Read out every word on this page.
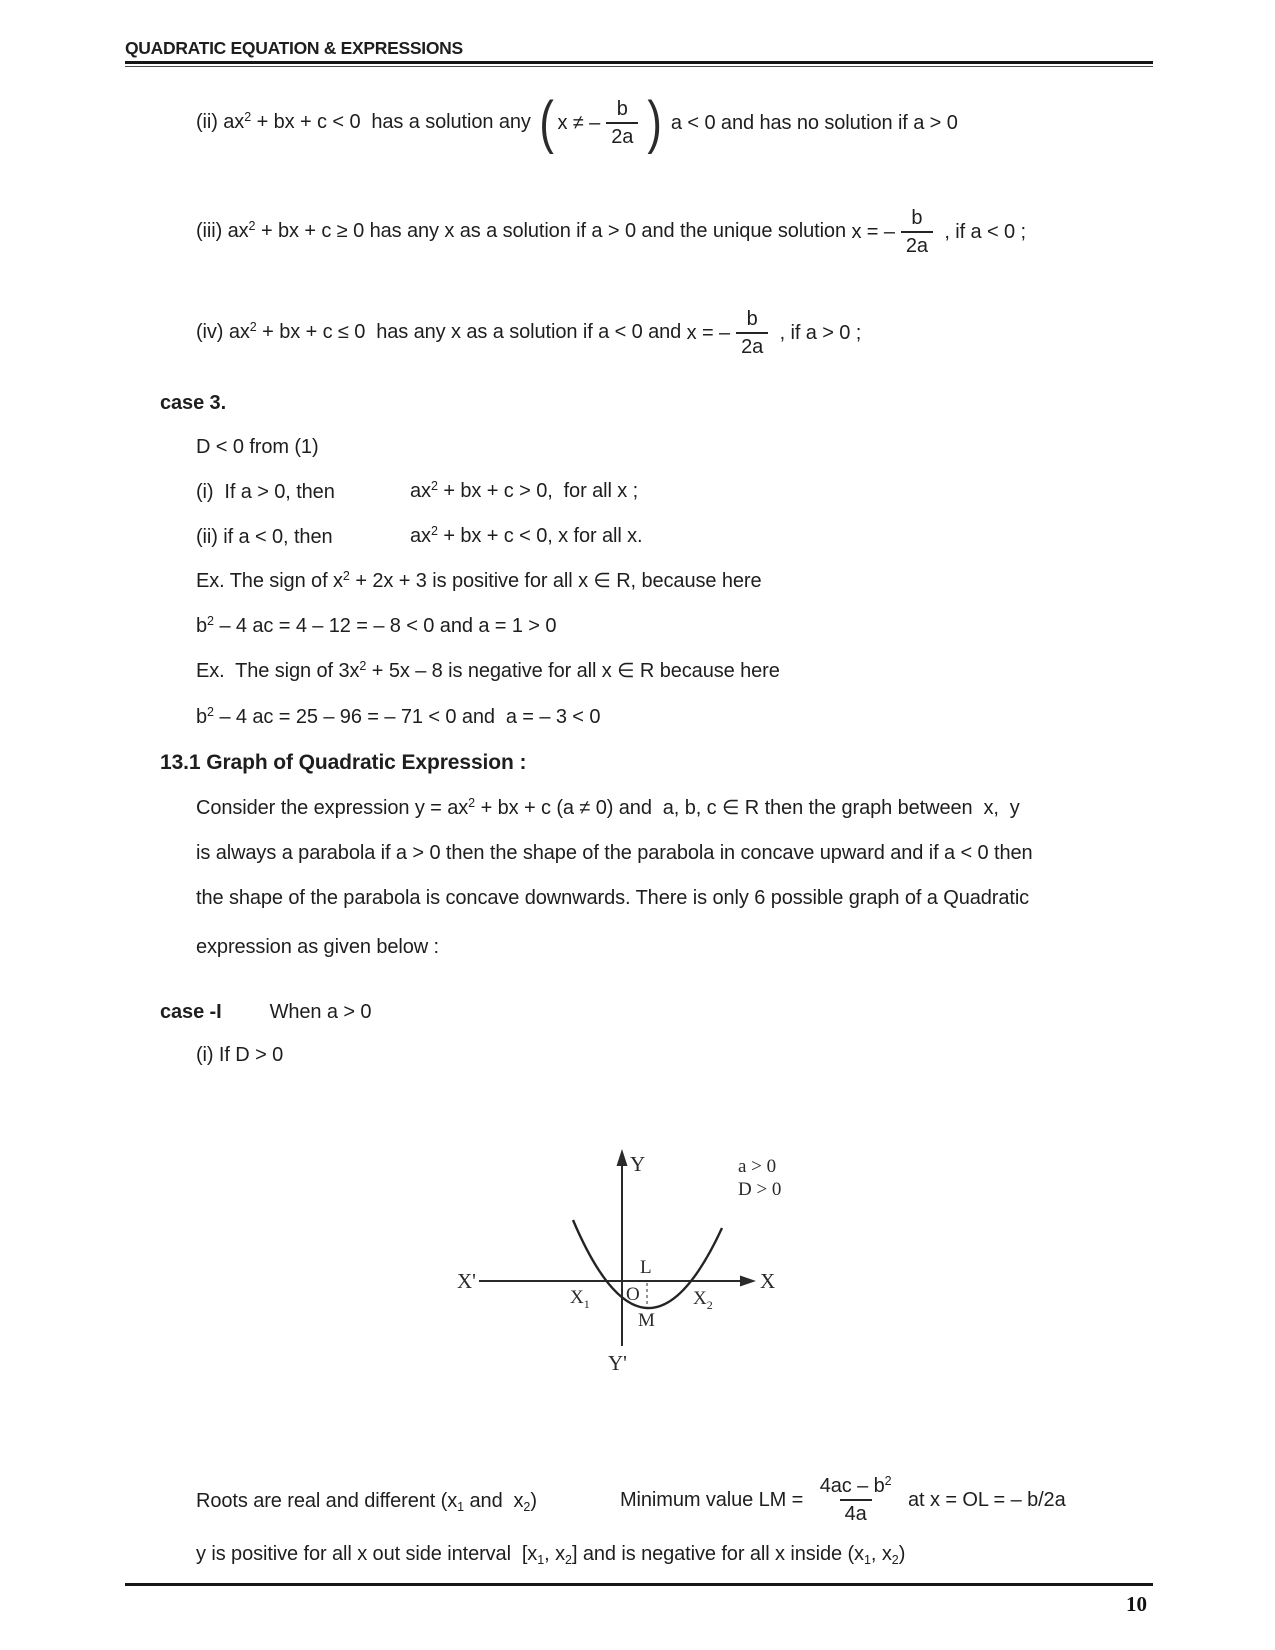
QUADRATIC EQUATION & EXPRESSIONS
(ii) $ax^2$ + bx + c < 0  has a solution any ( x ≠ – $\frac{b}{2a}$ ) a < 0 and has no solution if a > 0
(iii) $ax^2$ + bx + c ≥ 0 has any x as a solution if a > 0 and the unique solution x = – $\frac{b}{2a}$ , if a < 0 ;
(iv) $ax^2$ + bx + c ≤ 0  has any x as a solution if a < 0 and x = – $\frac{b}{2a}$ , if a > 0 ;
case 3.
D < 0 from (1)
(i)  If a > 0, then	$ax^2$ + bx + c > 0,  for all x ;
(ii) if a < 0, then	$ax^2$ + bx + c < 0, x for all x.
Ex. The sign of $x^2 + 2x + 3$ is positive for all x ∈ R, because here
$b^2 - 4$ ac = 4 – 12 = – 8 < 0 and a = 1 > 0
Ex.  The sign of $3x^2 + 5x - 8$ is negative for all x ∈ R because here
$b^2 - 4$ ac = 25 – 96 = – 71 < 0 and  a = – 3 < 0
13.1 Graph of Quadratic Expression :
Consider the expression $y = ax^2$ + bx + c (a ≠ 0) and  a, b, c ∈ R then the graph between  x,  y
is always a parabola if a > 0 then the shape of the parabola in concave upward and if a < 0 then
the shape of the parabola is concave downwards. There is only 6 possible graph of a Quadratic
expression as given below :
case -I When a > 0
(i) If D > 0
Y
Y'
X'	X
$X_1$	$X_2$
O
L
M
a > 0
D > 0
Roots are real and different ($x_1$ and  $x_2$)	Minimum value LM = $\frac{4ac - b^2}{4a}$ at x = OL = – b/2a
y is positive for all x out side interval  [$x_1$, $x_2$] and is negative for all x inside ($x_1$, $x_2$)
10
